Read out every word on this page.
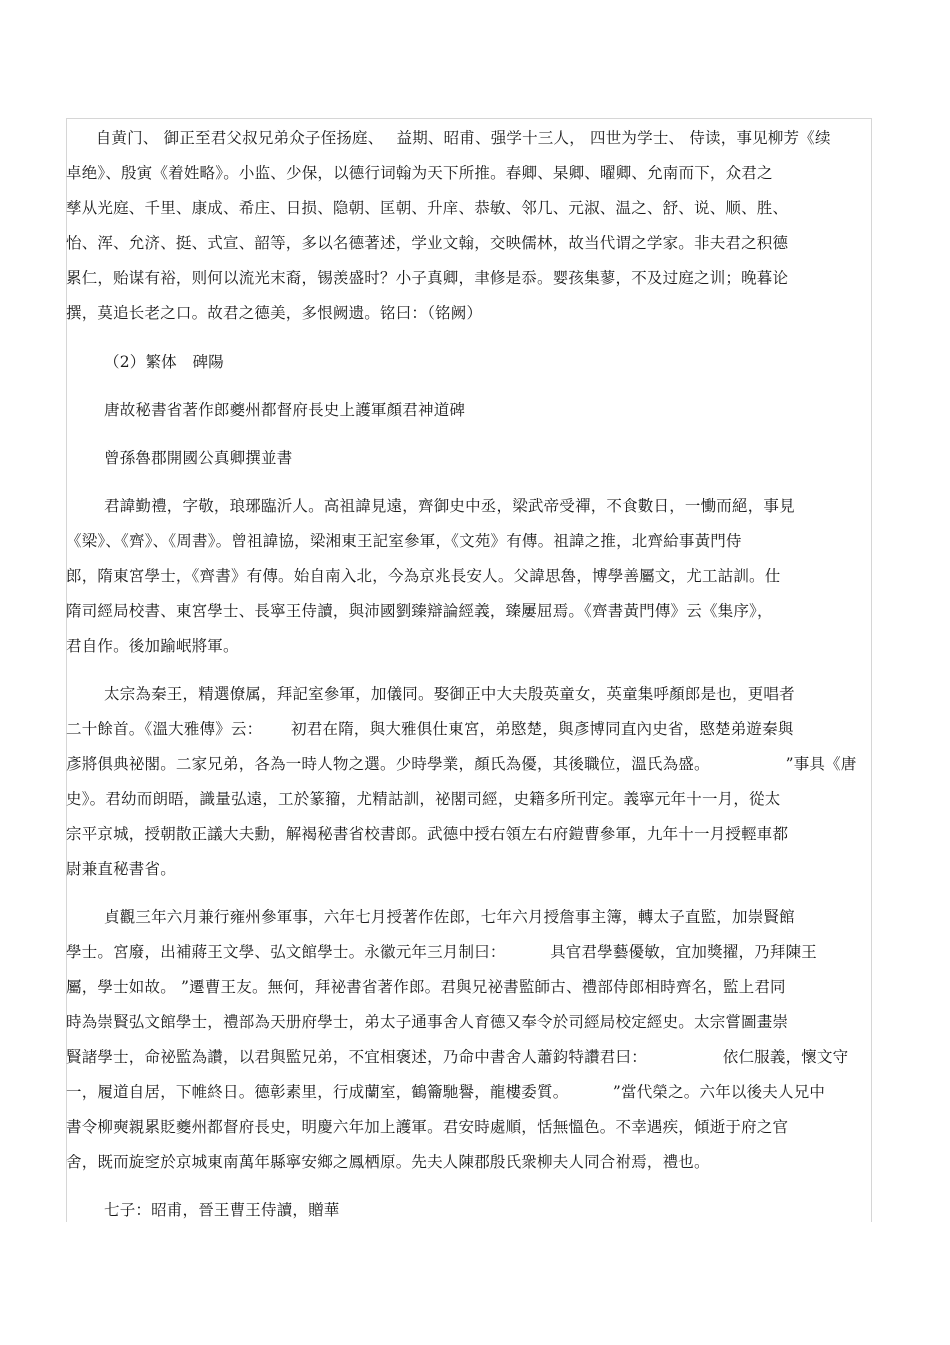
　自黄门、 御正至君父叔兄弟众子侄扬庭、　 益期、昭甫、强学十三人， 四世为学士、 侍读，事见柳芳《续
卓绝》、殷寅《着姓略》。小监、少保，以德行词翰为天下所推。春卿、杲卿、曜卿、允南而下，众君之
孳从光庭、千里、康成、希庄、日损、隐朝、匡朝、升庠、恭敏、邻几、元淑、温之、舒、说、顺、胜、
怡、浑、允济、挺、式宣、韶等，多以名德著述，学业文翰，交映儒林，故当代谓之学家。非夫君之积德
累仁，贻谋有裕，则何以流光末裔，锡羡盛时？小子真卿，聿修是忝。婴孩集蓼，不及过庭之训；晚暮论
撰，莫追长老之口。故君之德美，多恨阙遗。铭曰：（铭阙）
（2）繁体　碑陽
唐故秘書省著作郎夔州都督府長史上護軍顏君神道碑
曾孫魯郡開國公真卿撰並書
君諱勤禮，字敬，琅琊臨沂人。高祖諱見遠，齊御史中丞，梁武帝受禪，不食數日，一慟而絕，事見
《梁》、《齊》、《周書》。曾祖諱協，梁湘東王記室參軍，《文苑》有傳。祖諱之推，北齊給事黃門侍
郎，隋東宮學士，《齊書》有傳。始自南入北，今為京兆長安人。父諱思魯，博學善屬文，尤工詁訓。仕
隋司經局校書、東宮學士、長寧王侍讀，與沛國劉臻辯論經義，臻屢屈焉。《齊書黃門傳》云《集序》，
君自作。後加踰岷將軍。
太宗為秦王，精選僚属，拜記室參軍，加儀同。娶御正中大夫殷英童女，英童集呼顏郎是也，更唱者
二十餘首。《溫大雅傳》云：　　 初君在隋，與大雅俱仕東宮，弟愍楚，與彥博同直內史省，愍楚弟遊秦與
彥將俱典祕閣。二家兄弟，各為一時人物之選。少時學業，顏氏為優，其後職位，溫氏為盛。　　　　　 ”事具《唐
史》。君幼而朗晤，識量弘遠，工於篆籀，尤精詁訓，祕閣司經，史籍多所刊定。義寧元年十一月，從太
宗平京城，授朝散正議大夫勳，解褐秘書省校書郎。武德中授右領左右府鎧曹參軍，九年十一月授輕車都
尉兼直秘書省。
貞觀三年六月兼行雍州參軍事，六年七月授著作佐郎，七年六月授詹事主簿，轉太子直監，加崇賢館
學士。宮廢，出補蔣王文學、弘文館學士。永徽元年三月制曰：　　　 具官君學藝優敏，宜加獎擢，乃拜陳王
屬，學士如故。 ”遷曹王友。無何，拜祕書省著作郎。君與兄祕書監師古、禮部侍郎相時齊名，監上君同
時為崇賢弘文館學士，禮部為天册府學士，弟太子通事舍人育德又奉令於司經局校定經史。太宗嘗圖畫崇
賢諸學士，命祕監為讚，以君與監兄弟，不宜相褒述，乃命中書舍人蕭鈞特讚君曰：　　　　　 依仁服義，懷文守
一，履道自居，下帷終日。德彰素里，行成蘭室，鶴籥馳譽，龍樓委質。　　　 ”當代榮之。六年以後夫人兄中
書令柳奭親累貶夔州都督府長史，明慶六年加上護軍。君安時處順，恬無慍色。不幸遇疾，傾逝于府之官
舍，既而旋窆於京城東南萬年縣寧安鄉之鳳栖原。先夫人陳郡殷氏衆柳夫人同合祔焉，禮也。
七子：昭甫，晉王曹王侍讀，贈華
